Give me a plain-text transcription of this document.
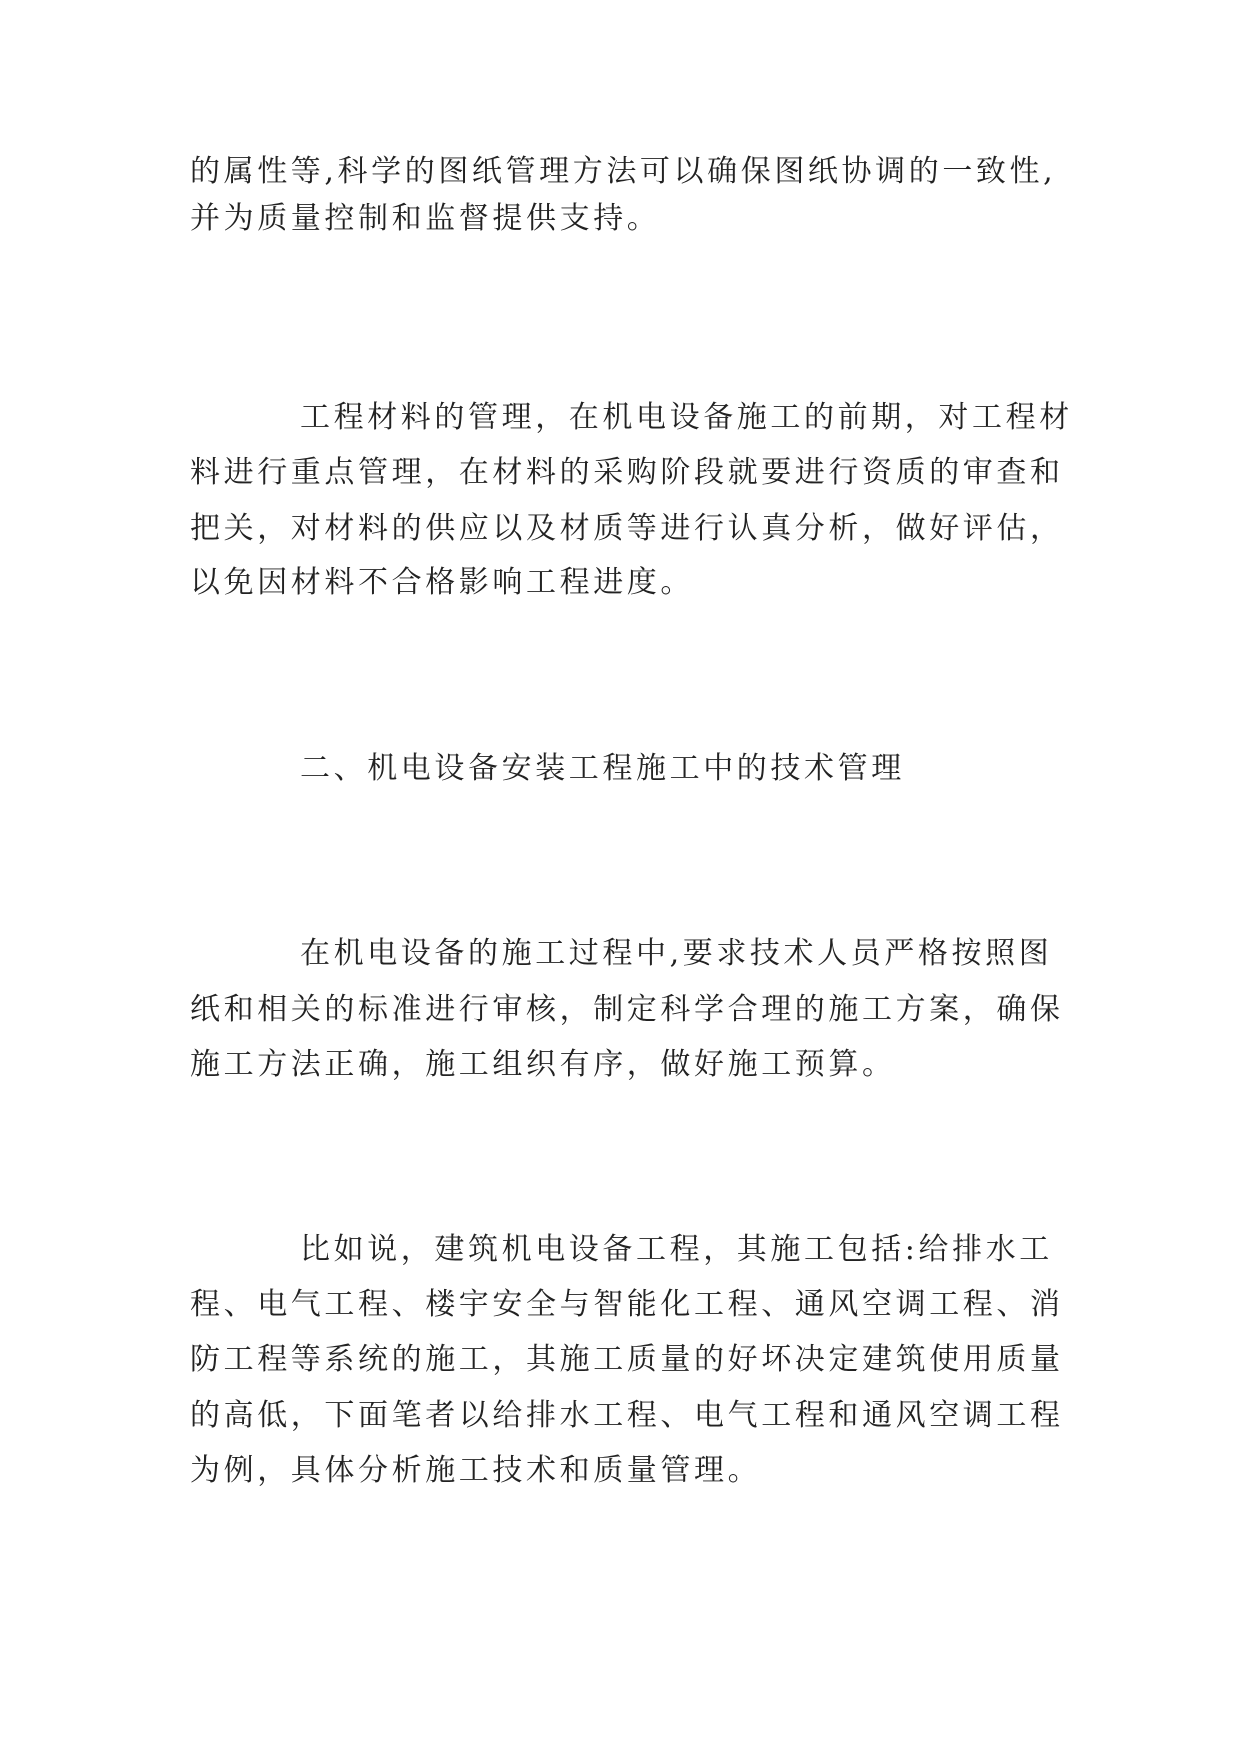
的属性等,科学的图纸管理方法可以确保图纸协调的一致性,
并为质量控制和监督提供支持。
工程材料的管理，在机电设备施工的前期，对工程材
料进行重点管理，在材料的采购阶段就要进行资质的审查和
把关，对材料的供应以及材质等进行认真分析，做好评估，
以免因材料不合格影响工程进度。
二、机电设备安装工程施工中的技术管理
在机电设备的施工过程中,要求技术人员严格按照图
纸和相关的标准进行审核，制定科学合理的施工方案，确保
施工方法正确，施工组织有序，做好施工预算。
比如说，建筑机电设备工程，其施工包括:给排水工
程、电气工程、楼宇安全与智能化工程、通风空调工程、消
防工程等系统的施工，其施工质量的好坏决定建筑使用质量
的高低，下面笔者以给排水工程、电气工程和通风空调工程
为例，具体分析施工技术和质量管理。
